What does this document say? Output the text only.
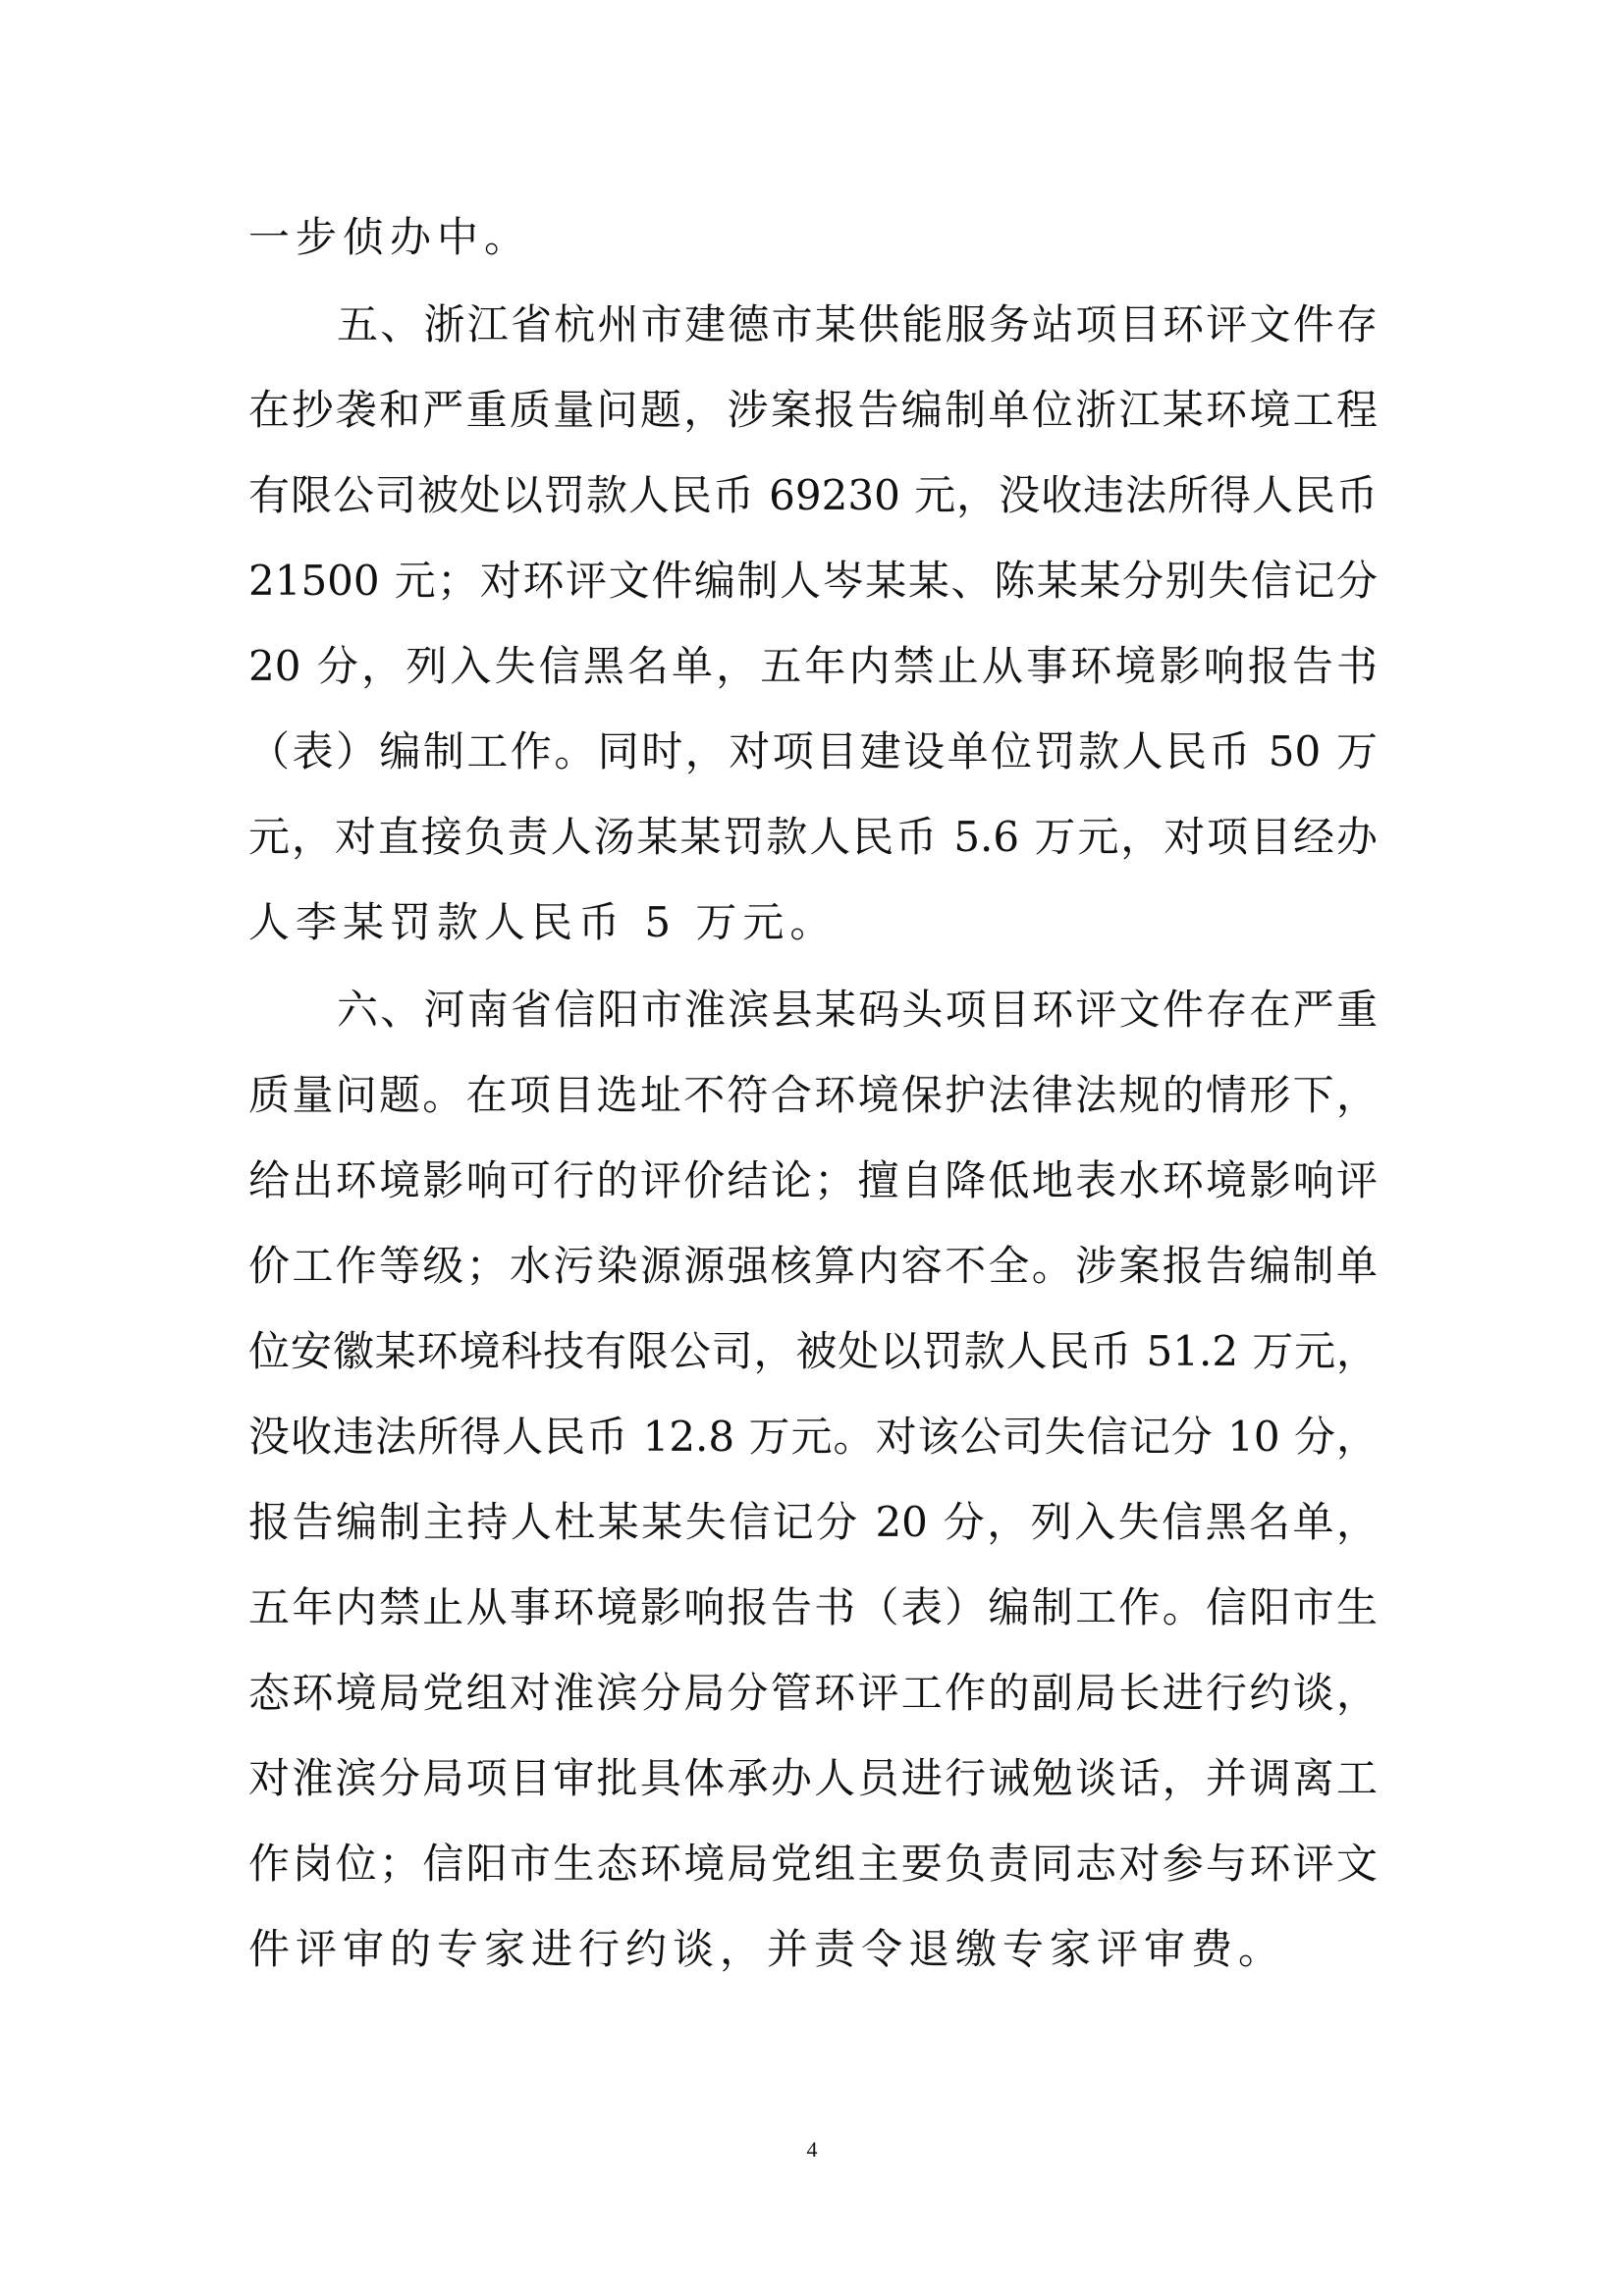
一步侦办中。
五、浙江省杭州市建德市某供能服务站项目环评文件存
在抄袭和严重质量问题，涉案报告编制单位浙江某环境工程
有限公司被处以罚款人民币 69230 元，没收违法所得人民币
21500 元；对环评文件编制人岑某某、陈某某分别失信记分
20 分，列入失信黑名单，五年内禁止从事环境影响报告书
（表）编制工作。同时，对项目建设单位罚款人民币 50 万
元，对直接负责人汤某某罚款人民币 5.6 万元，对项目经办
人李某罚款人民币 5 万元。
六、河南省信阳市淮滨县某码头项目环评文件存在严重
质量问题。在项目选址不符合环境保护法律法规的情形下，
给出环境影响可行的评价结论；擅自降低地表水环境影响评
价工作等级；水污染源源强核算内容不全。涉案报告编制单
位安徽某环境科技有限公司，被处以罚款人民币 51.2 万元，
没收违法所得人民币 12.8 万元。对该公司失信记分 10 分，
报告编制主持人杜某某失信记分 20 分，列入失信黑名单，
五年内禁止从事环境影响报告书（表）编制工作。信阳市生
态环境局党组对淮滨分局分管环评工作的副局长进行约谈，
对淮滨分局项目审批具体承办人员进行诫勉谈话，并调离工
作岗位；信阳市生态环境局党组主要负责同志对参与环评文
件评审的专家进行约谈，并责令退缴专家评审费。
4
